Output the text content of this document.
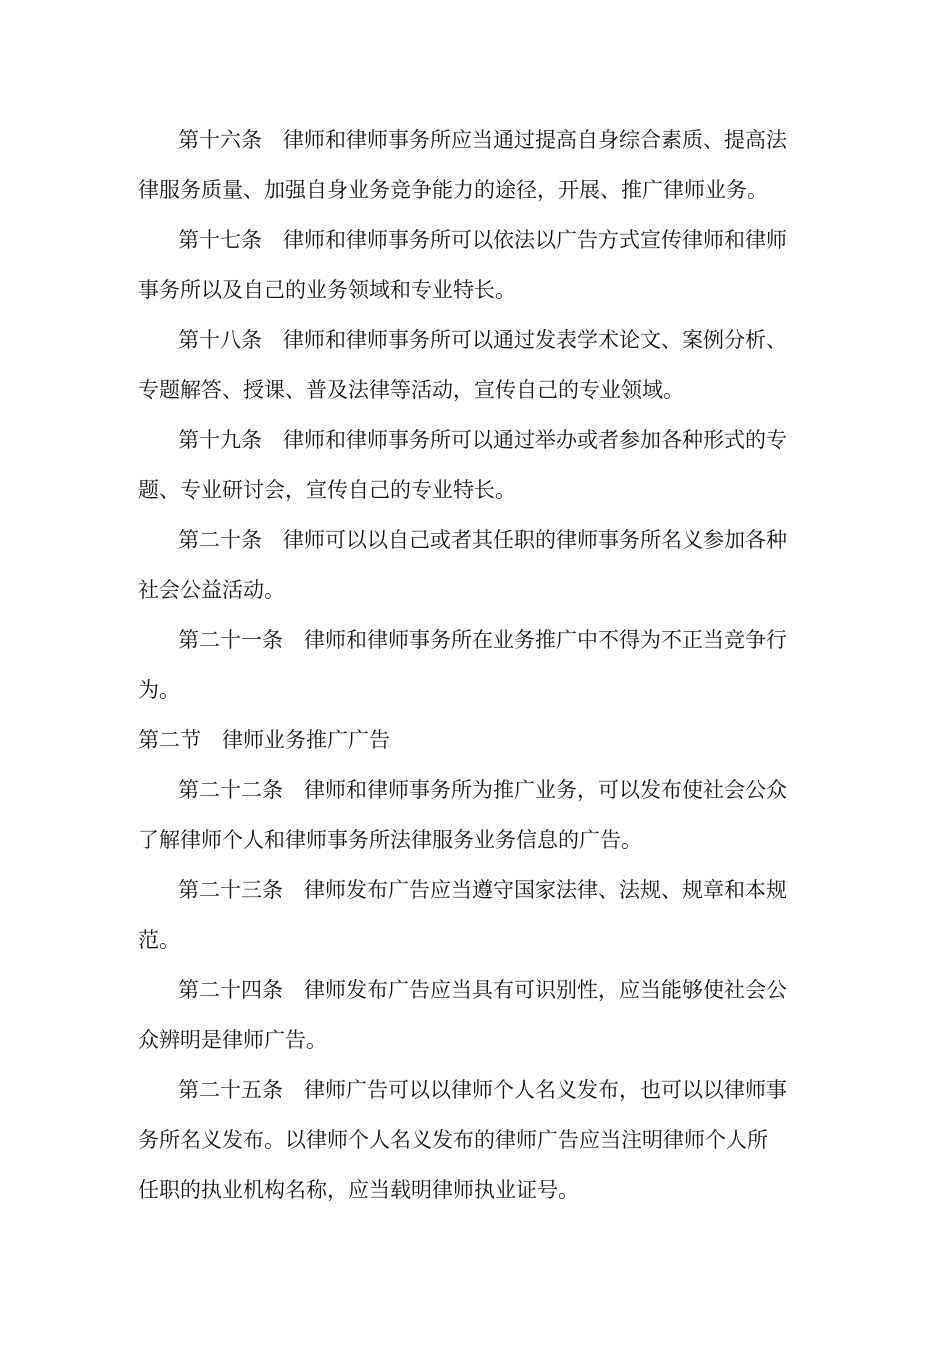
第十六条　律师和律师事务所应当通过提高自身综合素质、提高法

律服务质量、加强自身业务竞争能力的途径，开展、推广律师业务。

第十七条　律师和律师事务所可以依法以广告方式宣传律师和律师

事务所以及自己的业务领域和专业特长。

第十八条　律师和律师事务所可以通过发表学术论文、案例分析、

专题解答、授课、普及法律等活动，宣传自己的专业领域。

第十九条　律师和律师事务所可以通过举办或者参加各种形式的专

题、专业研讨会，宣传自己的专业特长。

第二十条　律师可以以自己或者其任职的律师事务所名义参加各种

社会公益活动。

第二十一条　律师和律师事务所在业务推广中不得为不正当竞争行

为。

第二节　律师业务推广广告

第二十二条　律师和律师事务所为推广业务，可以发布使社会公众

了解律师个人和律师事务所法律服务业务信息的广告。

第二十三条　律师发布广告应当遵守国家法律、法规、规章和本规

范。

第二十四条　律师发布广告应当具有可识别性，应当能够使社会公

众辨明是律师广告。

第二十五条　律师广告可以以律师个人名义发布，也可以以律师事

务所名义发布。以律师个人名义发布的律师广告应当注明律师个人所

任职的执业机构名称，应当载明律师执业证号。
